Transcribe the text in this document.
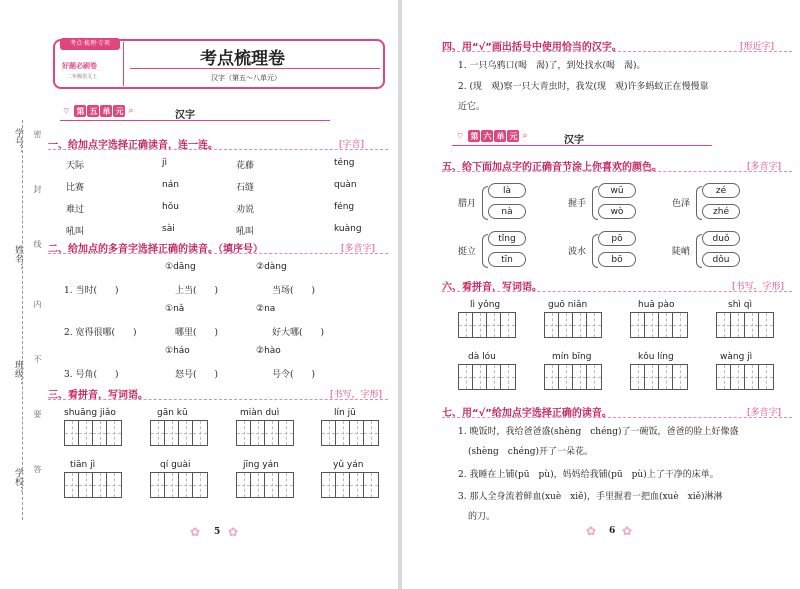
学号：
姓名：
班级：
学校：
密
封
线
内
不
要
答
考点·梳理·专项
好题必刷卷
二年级语文上
考点梳理卷
汉字（第五～八单元）
⌔ 第 五 单 元 ⌕	汉字
一、给加点字选择正确读音，连一连。	[字音]
天际
比赛
难过
吼叫
jì
nán
hǒu
sài
花藤
石缝
劝说
吼叫
téng
quàn
féng
kuàng
二、给加点的多音字选择正确的读音。（填序号）	[多音字]
①dāng	②dàng
1. 当时(　　)	上当(　　)	当场(　　)
①nǎ	②na
2. 宽得很哪(　　)	哪里(　　)	好大哪(　　)
①háo	②hào
3. 号角(　　)	怒号(　　)	号令(　　)
三、看拼音，写词语。	[书写，字形]
shuāng jiǎo	gān kū	miàn duì	lín jū
tiān jì	qí guài	jīng yán	yǔ yán
✿ 5 ✿
四、用“√”画出括号中使用恰当的汉字。	[形近字]
1. 一只乌鸦口(喝　渴)了，到处找水(喝　渴)。
2. (现　观)察一只大青虫时，我发(现　观)许多蚂蚁正在慢慢靠
近它。
⌔ 第 六 单 元 ⌕	汉字
五、给下面加点字的正确音节涂上你喜欢的颜色。	[多音字]
腊月
là
nà
握手
wū
wò
色泽
zé
zhé
挺立
tǐng
tīn
波水
pō
bō
陡峭
duǒ
dǒu
六、看拼音，写词语。	[书写，字形]
lì yǒng	guō niǎn	huā pào	shì qì
dà lóu	mín bīng	kǒu líng	wàng jì
七、用“√”给加点字选择正确的读音。	[多音字]
1. 晚饭时，我给爸爸盛(shèng　chéng)了一碗饭，爸爸的脸上好像盛
(shèng　chéng)开了一朵花。
2. 我睡在上铺(pū　pù)，妈妈给我铺(pū　pù)上了干净的床单。
3. 那人全身流着鲜血(xuè　xiě)，手里握着一把血(xuè　xiě)淋淋
的刀。
✿ 6 ✿
